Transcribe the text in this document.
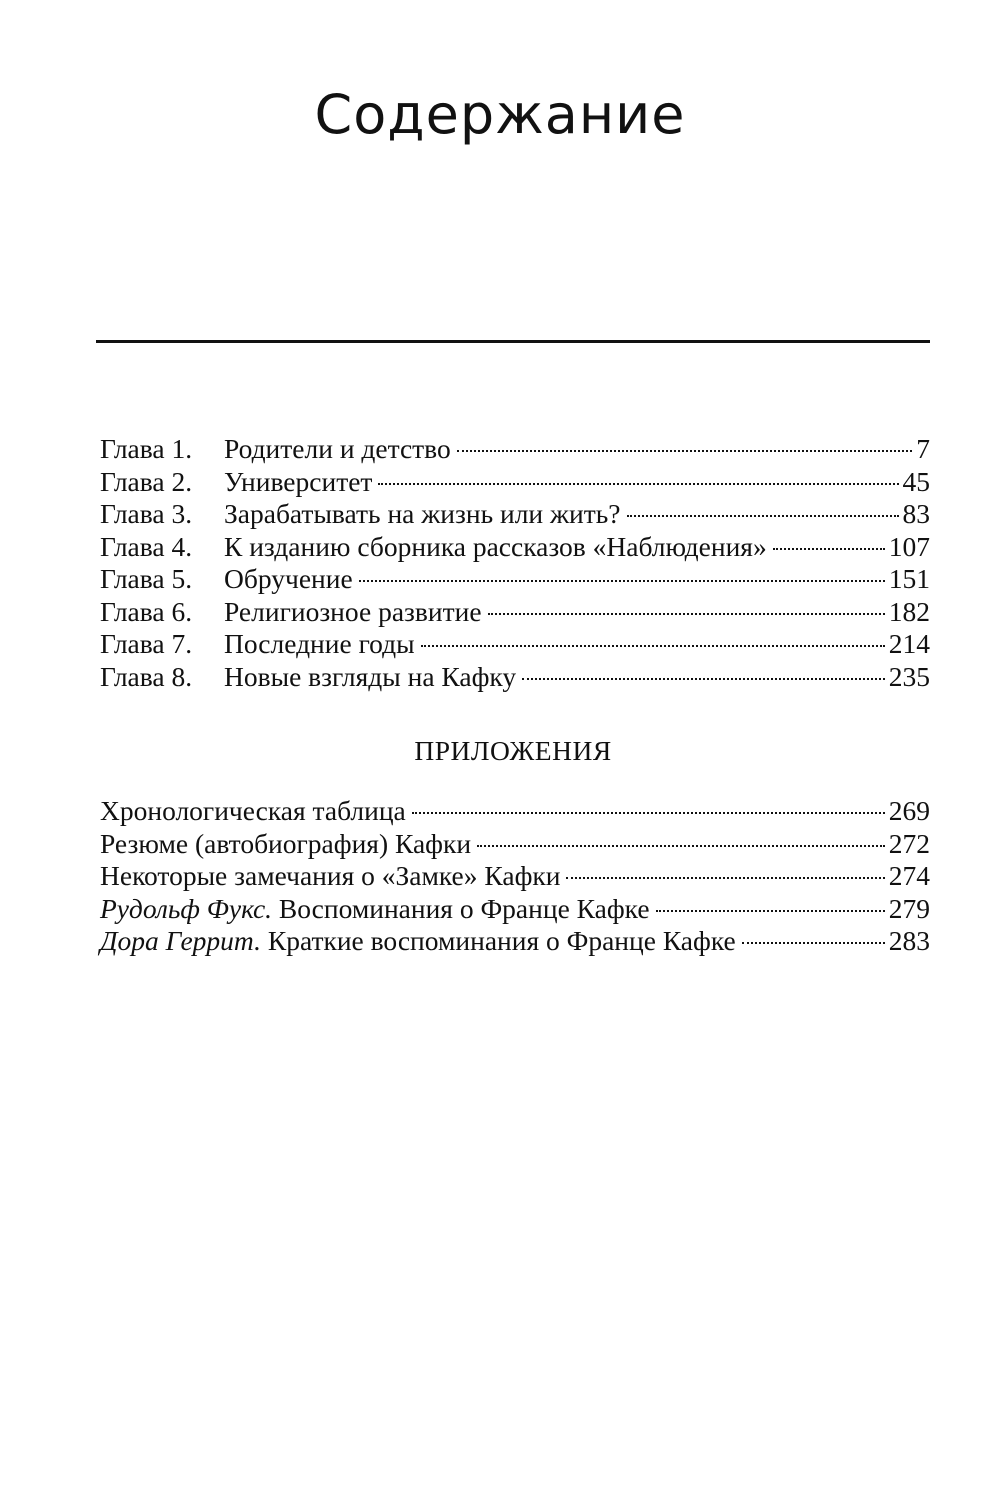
Содержание
Глава 1. Родители и детство	7
Глава 2. Университет	45
Глава 3. Зарабатывать на жизнь или жить?	83
Глава 4. К изданию сборника рассказов «Наблюдения»	107
Глава 5. Обручение	151
Глава 6. Религиозное развитие	182
Глава 7. Последние годы	214
Глава 8. Новые взгляды на Кафку	235
ПРИЛОЖЕНИЯ
Хронологическая таблица	269
Резюме (автобиография) Кафки	272
Некоторые замечания о «Замке» Кафки	274
Рудольф Фукс. Воспоминания о Франце Кафке	279
Дора Геррит. Краткие воспоминания о Франце Кафке	283
